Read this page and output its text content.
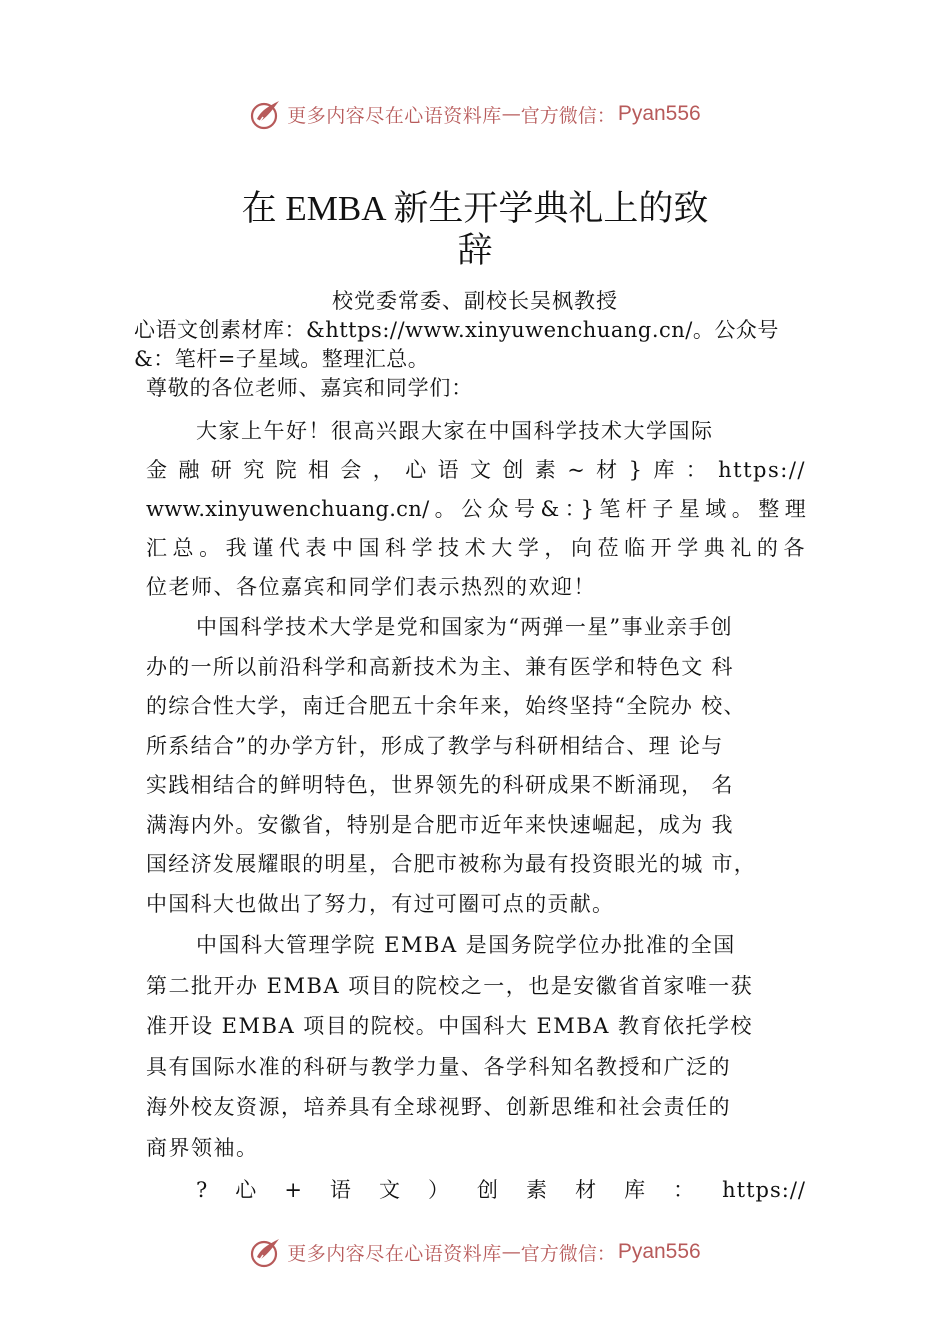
更多内容尽在心语资料库 — 官方微信： Pyan556
在 EMBA 新生开学典礼上的致
辞
校党委常委、副校长吴枫教授
心语文创素材库：&https://www.xinyuwenchuang.cn/。公众号
&：笔杆=子星域。整理汇总。
尊敬的各位老师、嘉宾和同学们：
大家上午好！很高兴跟大家在中国科学技术大学国际
金融研究院相会，心语文创素~材}库：https://
www.xinyuwenchuang.cn/。公众号&：}笔杆子星域。整理
汇总。我谨代表中国科学技术大学，向莅临开学典礼的各
位老师、各位嘉宾和同学们表示热烈的欢迎！
中国科学技术大学是党和国家为“两弹一星”事业亲手创
办的一所以前沿科学和高新技术为主、兼有医学和特色文 科
的综合性大学，南迁合肥五十余年来，始终坚持“全院办 校、
所系结合”的办学方针，形成了教学与科研相结合、理 论与
实践相结合的鲜明特色，世界领先的科研成果不断涌现， 名
满海内外。安徽省，特别是合肥市近年来快速崛起，成为 我
国经济发展耀眼的明星，合肥市被称为最有投资眼光的城 市，
中国科大也做出了努力，有过可圈可点的贡献。
中国科大管理学院 EMBA 是国务院学位办批准的全国
第二批开办 EMBA 项目的院校之一，也是安徽省首家唯一获
准开设 EMBA 项目的院校。中国科大 EMBA 教育依托学校
具有国际水准的科研与教学力量、各学科知名教授和广泛的
海外校友资源，培养具有全球视野、创新思维和社会责任的
商界领袖。
?心+语文）创素材库：https://
更多内容尽在心语资料库 — 官方微信： Pyan556
